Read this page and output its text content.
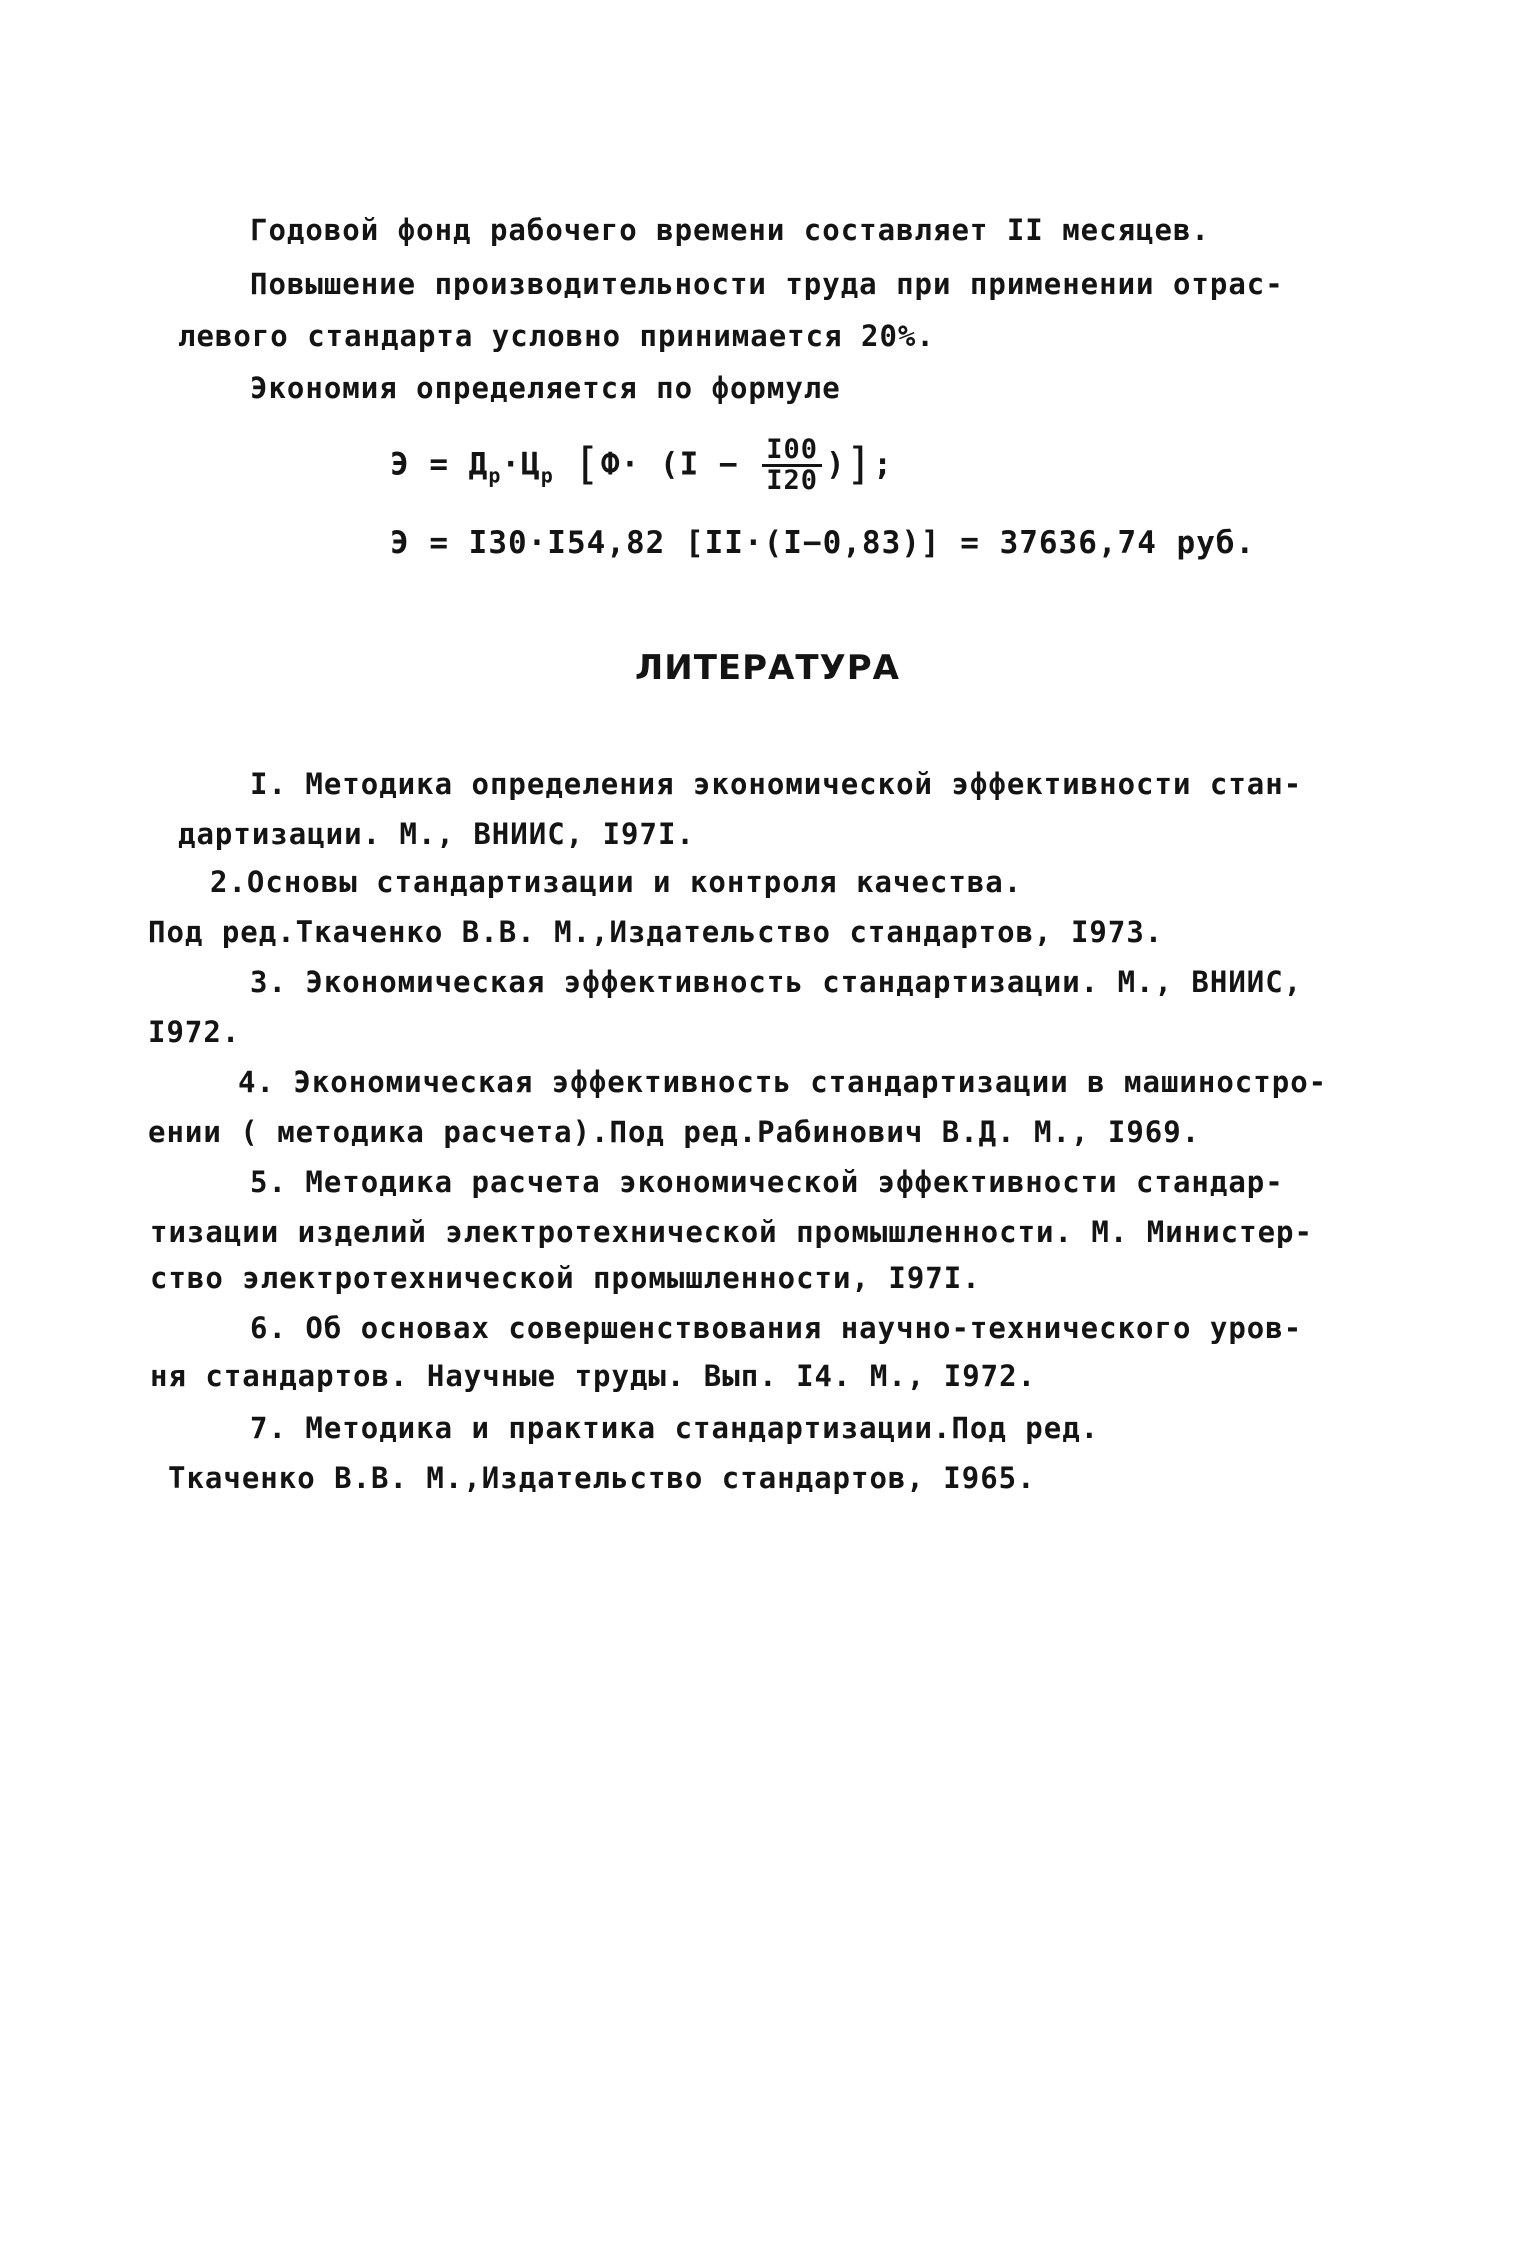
Годовой фонд рабочего времени составляет II месяцев.
Повышение производительности труда при применении отрас-
левого стандарта условно принимается 20%.
Экономия определяется по формуле
$Э = Д_р\cdot Ц_р$ [$Ф\cdot (I - \frac{I00}{I20}$ )];
Э = I30·I54,82 [II·(I−0,83)] = 37636,74 руб.
ЛИТЕРАТУРА
I. Методика определения экономической эффективности стан-
дартизации. М., ВНИИС, I97I.
2.Основы стандартизации и контроля качества.
Под ред.Ткаченко В.В. М.,Издательство стандартов, I973.
3. Экономическая эффективность стандартизации. М., ВНИИС,
I972.
4. Экономическая эффективность стандартизации в машиностро-
ении ( методика расчета).Под ред.Рабинович В.Д. М., I969.
5. Методика расчета экономической эффективности стандар-
тизации изделий электротехнической промышленности. М. Министер-
ство электротехнической промышленности, I97I.
6. Об основах совершенствования научно-технического уров-
ня стандартов. Научные труды. Вып. I4. М., I972.
7. Методика и практика стандартизации.Под ред.
Ткаченко В.В. М.,Издательство стандартов, I965.
